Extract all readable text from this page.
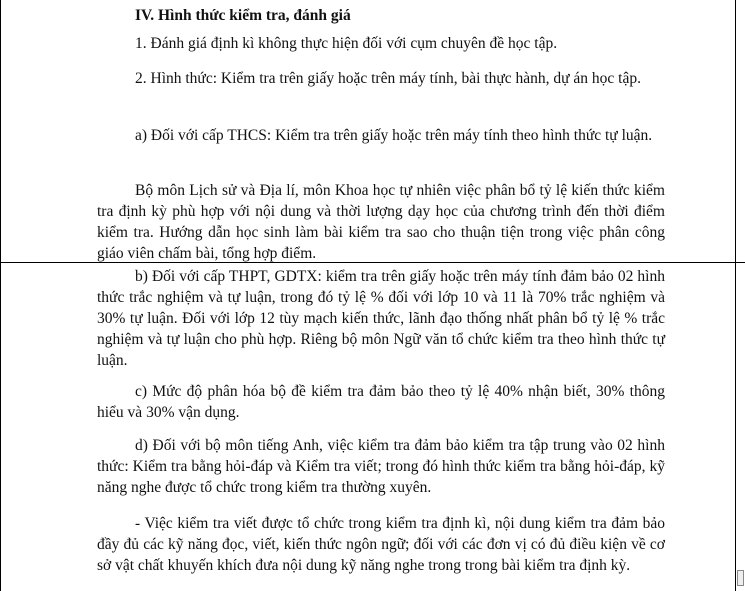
IV. Hình thức kiểm tra, đánh giá

1. Đánh giá định kì không thực hiện đối với cụm chuyên đề học tập.

2. Hình thức: Kiểm tra trên giấy hoặc trên máy tính, bài thực hành, dự án học tập.

a) Đối với cấp THCS: Kiểm tra trên giấy hoặc trên máy tính theo hình thức tự luận.

Bộ môn Lịch sử và Địa lí, môn Khoa học tự nhiên việc phân bổ tỷ lệ kiến thức kiểm tra định kỳ phù hợp với nội dung và thời lượng dạy học của chương trình đến thời điểm kiểm tra. Hướng dẫn học sinh làm bài kiểm tra sao cho thuận tiện trong việc phân công giáo viên chấm bài, tổng hợp điểm.

b) Đối với cấp THPT, GDTX: kiểm tra trên giấy hoặc trên máy tính đảm bảo 02 hình thức trắc nghiệm và tự luận, trong đó tỷ lệ % đối với lớp 10 và 11 là 70% trắc nghiệm và 30% tự luận. Đối với lớp 12 tùy mạch kiến thức, lãnh đạo thống nhất phân bổ tỷ lệ % trắc nghiệm và tự luận cho phù hợp. Riêng bộ môn Ngữ văn tổ chức kiểm tra theo hình thức tự luận.

c) Mức độ phân hóa bộ đề kiểm tra đảm bảo theo tỷ lệ 40% nhận biết, 30% thông hiểu và 30% vận dụng.

d) Đối với bộ môn tiếng Anh, việc kiểm tra đảm bảo kiểm tra tập trung vào 02 hình thức: Kiểm tra bằng hỏi-đáp và Kiểm tra viết; trong đó hình thức kiểm tra bằng hỏi-đáp, kỹ năng nghe được tổ chức trong kiểm tra thường xuyên.

- Việc kiểm tra viết được tổ chức trong kiểm tra định kì, nội dung kiểm tra đảm bảo đầy đủ các kỹ năng đọc, viết, kiến thức ngôn ngữ; đối với các đơn vị có đủ điều kiện về cơ sở vật chất khuyến khích đưa nội dung kỹ năng nghe trong trong bài kiểm tra định kỳ.
